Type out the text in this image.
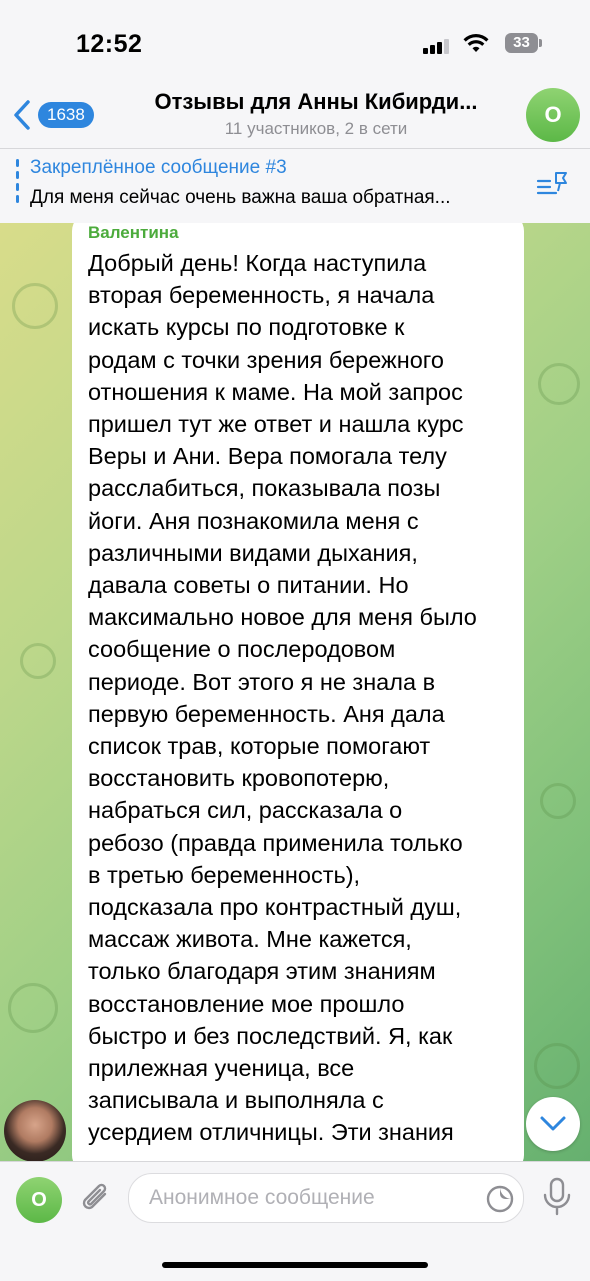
12:52	33
1638
Отзывы для Анны Кибирди...
11 участников, 2 в сети
О
Закреплённое сообщение #3
Для меня сейчас очень важна ваша обратная...
Валентина
Добрый день! Когда наступила
вторая беременность, я начала
искать курсы по подготовке к
родам с точки зрения бережного
отношения к маме. На мой запрос
пришел тут же ответ и нашла курс
Веры и Ани. Вера помогала телу
расслабиться, показывала позы
йоги. Аня познакомила меня с
различными видами дыхания,
давала советы о питании. Но
максимально новое для меня было
сообщение о послеродовом
периоде. Вот этого я не знала в
первую беременность. Аня дала
список трав, которые помогают
восстановить кровопотерю,
набраться сил, рассказала о
ребозо (правда применила только
в третью беременность),
подсказала про контрастный душ,
массаж живота. Мне кажется,
только благодаря этим знаниям
восстановление мое прошло
быстро и без последствий. Я, как
прилежная ученица, все
записывала и выполняла с
усердием отличницы. Эти знания
О	Анонимное сообщение
